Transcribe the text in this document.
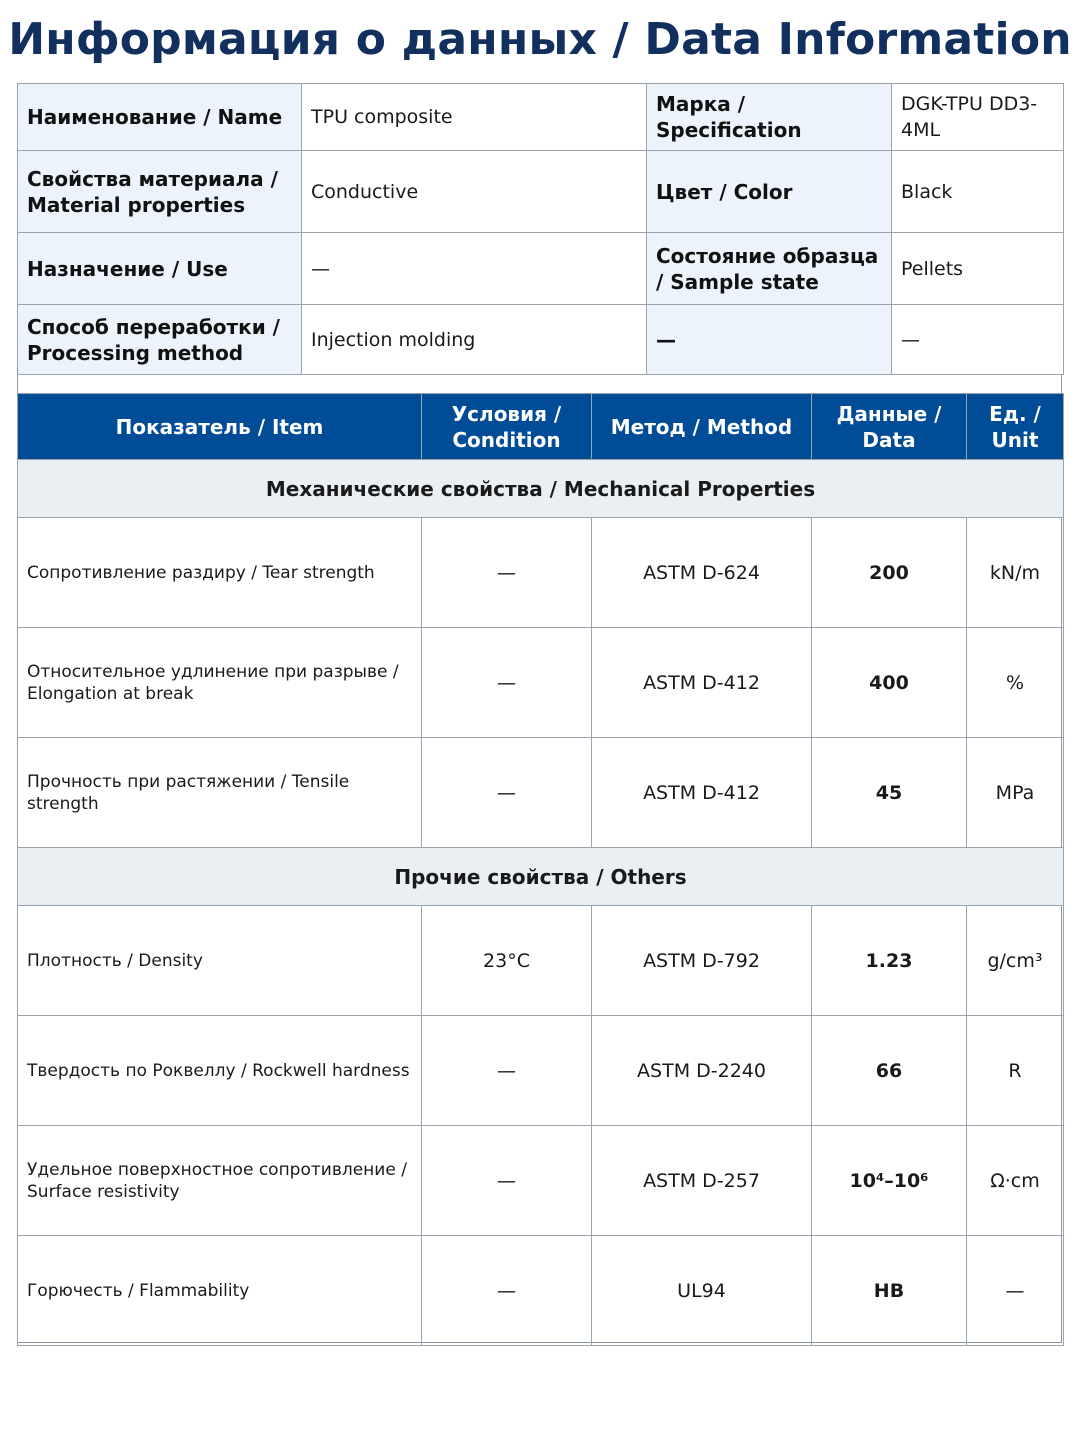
Информация о данных / Data Information
Наименование / Name	TPU composite	Марка / Specification	DGK-TPU DD3-4ML
Свойства материала / Material properties	Conductive	Цвет / Color	Black
Назначение / Use	—	Состояние образца / Sample state	Pellets
Способ переработки / Processing method	Injection molding	—	—
Показатель / Item	Условия / Condition	Метод / Method	Данные / Data	Ед. / Unit
Механические свойства / Mechanical Properties				
Сопротивление раздиру / Tear strength	—	ASTM D-624	200	kN/m
Относительное удлинение при разрыве / Elongation at break	—	ASTM D-412	400	%
Прочность при растяжении / Tensile strength	—	ASTM D-412	45	MPa
Прочие свойства / Others				
Плотность / Density	23°C	ASTM D-792	1.23	g/cm³
Твердость по Роквеллу / Rockwell hardness	—	ASTM D-2240	66	R
Удельное поверхностное сопротивление / Surface resistivity	—	ASTM D-257	10⁴–10⁶	Ω·cm
Горючесть / Flammability	—	UL94	HB	—
